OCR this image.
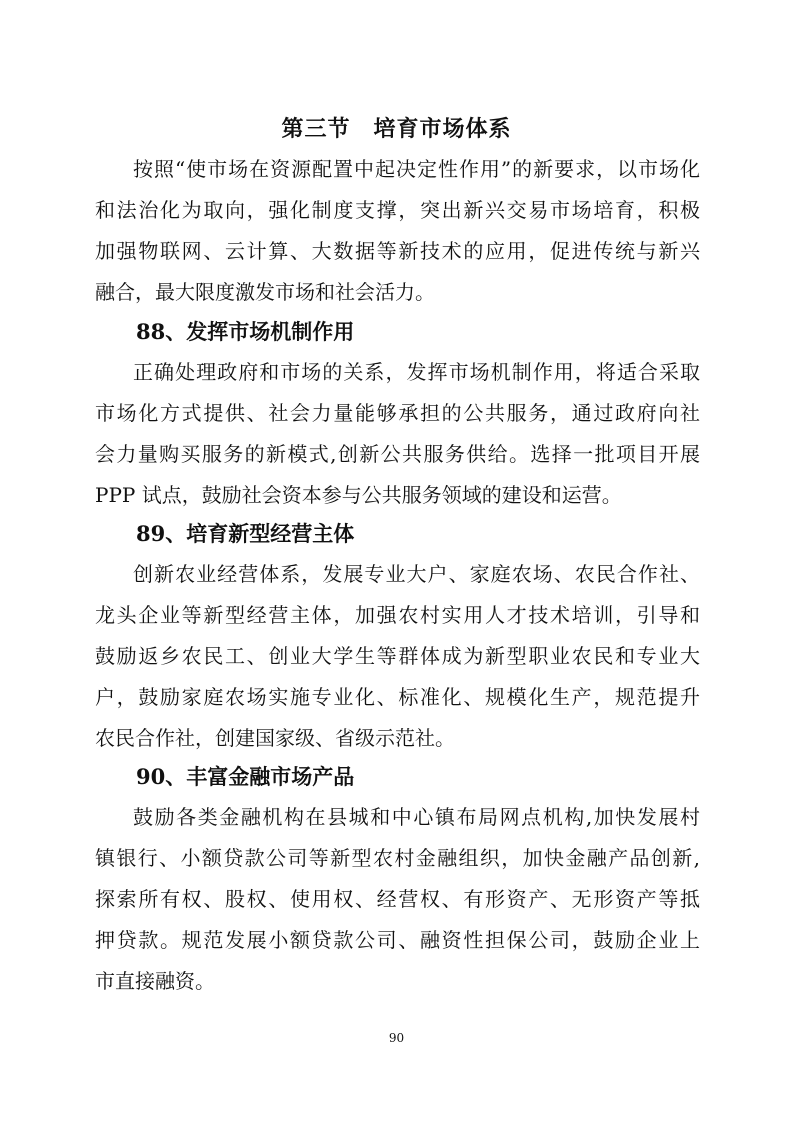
第三节　培育市场体系
按照“使市场在资源配置中起决定性作用”的新要求，以市场化
和法治化为取向，强化制度支撑，突出新兴交易市场培育，积极
加强物联网、云计算、大数据等新技术的应用，促进传统与新兴
融合，最大限度激发市场和社会活力。
88、发挥市场机制作用
正确处理政府和市场的关系，发挥市场机制作用，将适合采取
市场化方式提供、社会力量能够承担的公共服务，通过政府向社
会力量购买服务的新模式,创新公共服务供给。选择一批项目开展
PPP 试点，鼓励社会资本参与公共服务领域的建设和运营。
89、培育新型经营主体
创新农业经营体系，发展专业大户、家庭农场、农民合作社、
龙头企业等新型经营主体，加强农村实用人才技术培训，引导和
鼓励返乡农民工、创业大学生等群体成为新型职业农民和专业大
户，鼓励家庭农场实施专业化、标准化、规模化生产，规范提升
农民合作社，创建国家级、省级示范社。
90、丰富金融市场产品
鼓励各类金融机构在县城和中心镇布局网点机构,加快发展村
镇银行、小额贷款公司等新型农村金融组织，加快金融产品创新,
探索所有权、股权、使用权、经营权、有形资产、无形资产等抵
押贷款。规范发展小额贷款公司、融资性担保公司，鼓励企业上
市直接融资。
90
